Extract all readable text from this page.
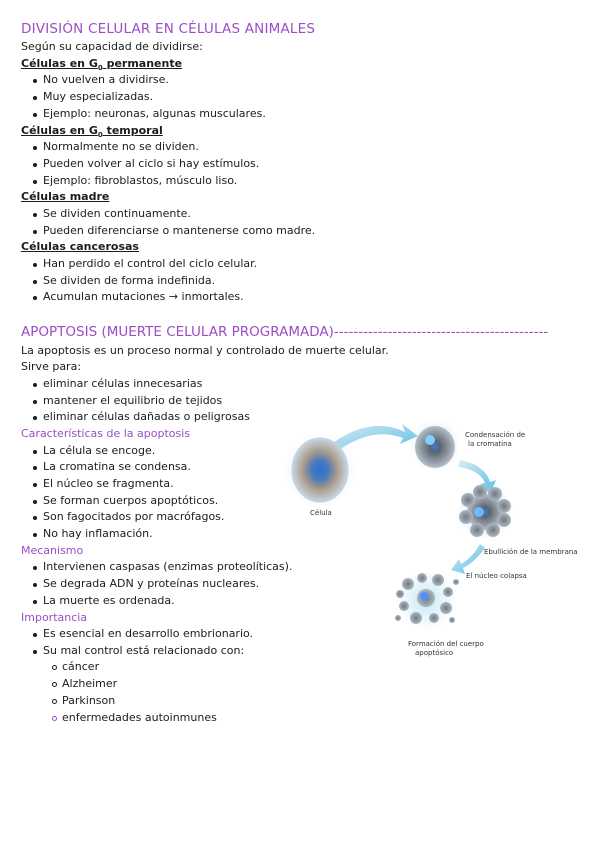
DIVISIÓN CELULAR EN CÉLULAS ANIMALES
Según su capacidad de dividirse:
Células en $G_0$ permanente
No vuelven a dividirse.
Muy especializadas.
Ejemplo: neuronas, algunas musculares.
Células en $G_0$ temporal
Normalmente no se dividen.
Pueden volver al ciclo si hay estímulos.
Ejemplo: fibroblastos, músculo liso.
Células madre
Se dividen continuamente.
Pueden diferenciarse o mantenerse como madre.
Células cancerosas
Han perdido el control del ciclo celular.
Se dividen de forma indefinida.
Acumulan mutaciones → inmortales.
APOPTOSIS (MUERTE CELULAR PROGRAMADA)--------------------------------------------
La apoptosis es un proceso normal y controlado de muerte celular.
Sirve para:
eliminar células innecesarias
mantener el equilibrio de tejidos
eliminar células dañadas o peligrosas
Características de la apoptosis
La célula se encoge.
La cromatina se condensa.
El núcleo se fragmenta.
Se forman cuerpos apoptóticos.
Son fagocitados por macrófagos.
No hay inflamación.
Mecanismo
Intervienen caspasas (enzimas proteolíticas).
Se degrada ADN y proteínas nucleares.
La muerte es ordenada.
Importancia
Es esencial en desarrollo embrionario.
Su mal control está relacionado con:
cáncer
Alzheimer
Parkinson
enfermedades autoinmunes
Célula
Condensación de
la cromatina
Ebullición de la membrana
El núcleo colapsa
Formación del cuerpo
apoptósico
